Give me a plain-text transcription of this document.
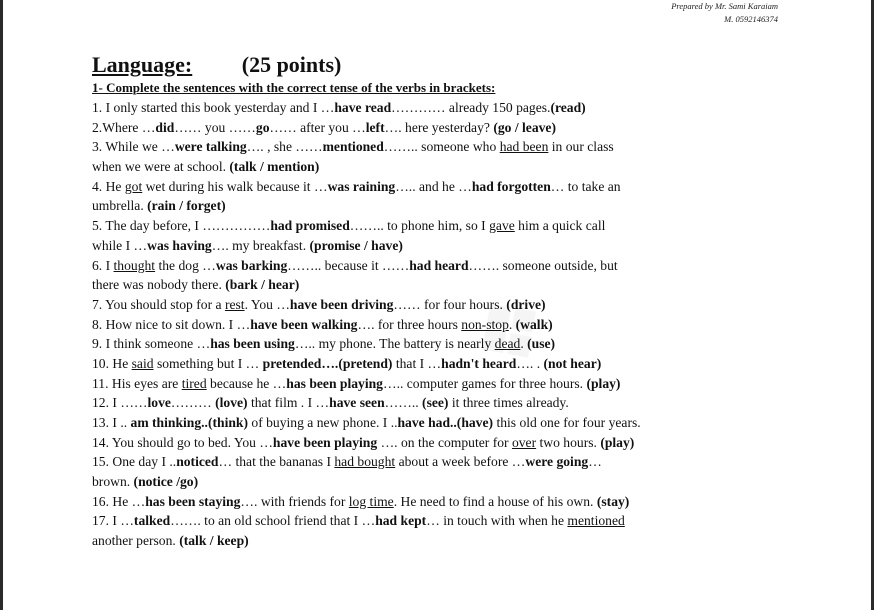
Prepared by Mr. Sami Karaiam
M. 0592146374
Language: (25 points)
1- Complete the sentences with the correct tense of the verbs in brackets:
1. I only started this book yesterday and I …have read………… already 150 pages.(read)
2.Where …did…… you ……go…… after you …left…. here yesterday? (go / leave)
3. While we …were talking…. , she ……mentioned…….. someone who had been in our class
when we were at school. (talk / mention)
4. He got wet during his walk because it …was raining….. and he …had forgotten… to take an
umbrella. (rain / forget)
5. The day before, I ……………had promised…….. to phone him, so I gave him a quick call
while I …was having…. my breakfast. (promise / have)
6. I thought the dog …was barking…….. because it ……had heard……. someone outside, but
there was nobody there. (bark / hear)
7. You should stop for a rest. You …have been driving…… for four hours. (drive)
8. How nice to sit down. I …have been walking…. for three hours non-stop. (walk)
9. I think someone …has been using….. my phone. The battery is nearly dead. (use)
10. He said something but I … pretended….(pretend) that I …hadn't heard…. . (not hear)
11. His eyes are tired because he …has been playing….. computer games for three hours. (play)
12. I ……love……… (love) that film . I …have seen…….. (see) it three times already.
13. I .. am thinking..(think) of buying a new phone. I ..have had..(have) this old one for four years.
14. You should go to bed. You …have been playing …. on the computer for over two hours. (play)
15. One day I ..noticed… that the bananas I had bought about a week before …were going…
brown. (notice /go)
16. He …has been staying…. with friends for log time. He need to find a house of his own. (stay)
17. I …talked……. to an old school friend that I …had kept… in touch with when he mentioned
another person. (talk / keep)
